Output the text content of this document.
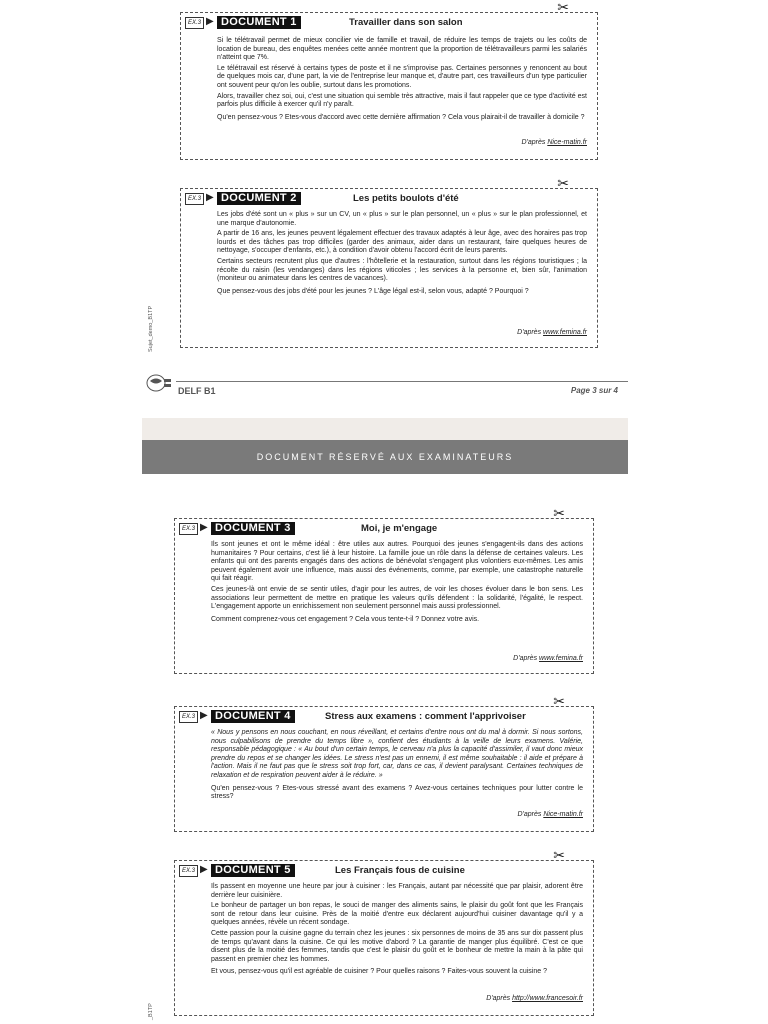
✂
EX.3 ▶ DOCUMENT 1	Travailler dans son salon

Si le télétravail permet de mieux concilier vie de famille et travail, de réduire les temps de trajets ou les coûts de location de bureau, des enquêtes menées cette année montrent que la proportion de télétravailleurs parmi les salariés n'atteint que 7%.

Le télétravail est réservé à certains types de poste et il ne s'improvise pas. Certaines personnes y renoncent au bout de quelques mois car, d'une part, la vie de l'entreprise leur manque et, d'autre part, ces travailleurs d'un type particulier ont souvent peur qu'on les oublie, surtout dans les promotions.

Alors, travailler chez soi, oui, c'est une situation qui semble très attractive, mais il faut rappeler que ce type d'activité est parfois plus difficile à exercer qu'il n'y paraît.

Qu'en pensez-vous ? Etes-vous d'accord avec cette dernière affirmation ? Cela vous plairait-il de travailler à domicile ?

D'après Nice-matin.fr
✂
EX.3 ▶ DOCUMENT 2	Les petits boulots d'été

Les jobs d'été sont un « plus » sur un CV, un « plus » sur le plan personnel, un « plus » sur le plan professionnel, et une marque d'autonomie.

A partir de 16 ans, les jeunes peuvent légalement effectuer des travaux adaptés à leur âge, avec des horaires pas trop lourds et des tâches pas trop difficiles (garder des animaux, aider dans un restaurant, faire quelques heures de nettoyage, s'occuper d'enfants, etc.), à condition d'avoir obtenu l'accord écrit de leurs parents.

Certains secteurs recrutent plus que d'autres : l'hôtellerie et la restauration, surtout dans les régions touristiques ; la récolte du raisin (les vendanges) dans les régions viticoles ; les services à la personne et, bien sûr, l'animation (moniteur ou animateur dans les centres de vacances).

Que pensez-vous des jobs d'été pour les jeunes ? L'âge légal est-il, selon vous, adapté ? Pourquoi ?

D'après www.femina.fr
Sujet_demo_B1TP
DELF B1	Page 3 sur 4
DOCUMENT RÉSERVÉ AUX EXAMINATEURS
✂
EX.3 ▶ DOCUMENT 3	Moi, je m'engage

Ils sont jeunes et ont le même idéal : être utiles aux autres. Pourquoi des jeunes s'engagent-ils dans des actions humanitaires ? Pour certains, c'est lié à leur histoire. La famille joue un rôle dans la défense de certaines valeurs. Les enfants qui ont des parents engagés dans des actions de bénévolat s'engagent plus volontiers eux-mêmes. Les amis peuvent également avoir une influence, mais aussi des événements, comme, par exemple, une catastrophe naturelle qui fait réagir.

Ces jeunes-là ont envie de se sentir utiles, d'agir pour les autres, de voir les choses évoluer dans le bon sens. Les associations leur permettent de mettre en pratique les valeurs qu'ils défendent : la solidarité, l'égalité, le respect. L'engagement apporte un enrichissement non seulement personnel mais aussi professionnel.

Comment comprenez-vous cet engagement ? Cela vous tente-t-il ? Donnez votre avis.

D'après www.femina.fr
✂
EX.3 ▶ DOCUMENT 4	Stress aux examens : comment l'apprivoiser

« Nous y pensons en nous couchant, en nous réveillant, et certains d'entre nous ont du mal à dormir. Si nous sortons, nous culpabilisons de prendre du temps libre », confient des étudiants à la veille de leurs examens. Valérie, responsable pédagogique : « Au bout d'un certain temps, le cerveau n'a plus la capacité d'assimiler, il vaut donc mieux prendre du repos et se changer les idées. Le stress n'est pas un ennemi, il est même souhaitable : il aide et prépare à l'action. Mais il ne faut pas que le stress soit trop fort, car, dans ce cas, il devient paralysant. Certaines techniques de relaxation et de respiration peuvent aider à le réduire. »

Qu'en pensez-vous ? Etes-vous stressé avant des examens ? Avez-vous certaines techniques pour lutter contre le stress?

D'après Nice-matin.fr
✂
EX.3 ▶ DOCUMENT 5	Les Français fous de cuisine

Ils passent en moyenne une heure par jour à cuisiner : les Français, autant par nécessité que par plaisir, adorent être derrière leur cuisinière.

Le bonheur de partager un bon repas, le souci de manger des aliments sains, le plaisir du goût font que les Français sont de retour dans leur cuisine. Près de la moitié d'entre eux déclarent aujourd'hui cuisiner davantage qu'il y a quelques années, révèle un récent sondage.

Cette passion pour la cuisine gagne du terrain chez les jeunes : six personnes de moins de 35 ans sur dix passent plus de temps qu'avant dans la cuisine. Ce qui les motive d'abord ? La garantie de manger plus équilibré. C'est ce que disent plus de la moitié des femmes, tandis que c'est le plaisir du goût et le bonheur de mettre la main à la pâte qui passent en premier chez les hommes.

Et vous, pensez-vous qu'il est agréable de cuisiner ? Pour quelles raisons ? Faites-vous souvent la cuisine ?

D'après http://www.francesoir.fr
_B1TP
